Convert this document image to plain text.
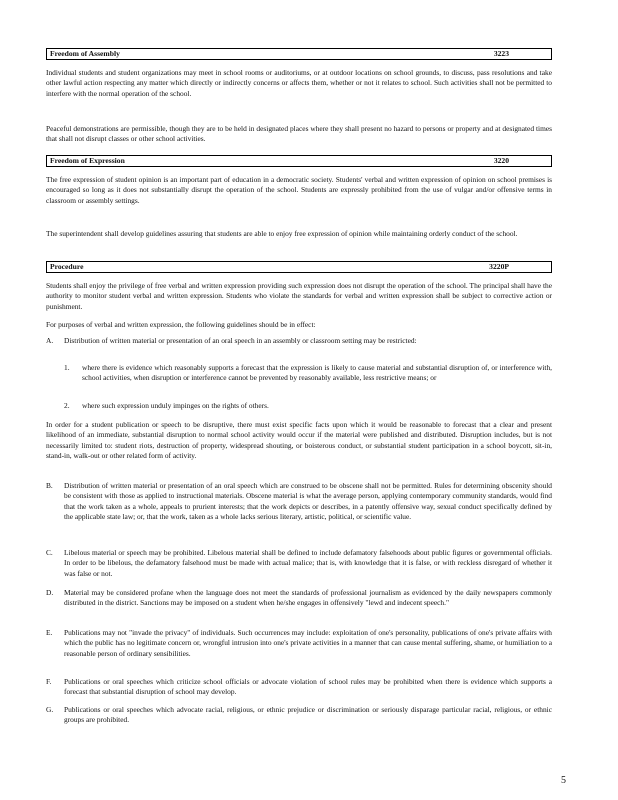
Freedom of Assembly	3223

Individual students and student organizations may meet in school rooms or auditoriums, or at outdoor locations on school grounds, to discuss, pass resolutions and take other lawful action respecting any matter which directly or indirectly concerns or affects them, whether or not it relates to school. Such activities shall not be permitted to interfere with the normal operation of the school.

Peaceful demonstrations are permissible, though they are to be held in designated places where they shall present no hazard to persons or property and at designated times that shall not disrupt classes or other school activities.

Freedom of Expression	3220

The free expression of student opinion is an important part of education in a democratic society. Students' verbal and written expression of opinion on school premises is encouraged so long as it does not substantially disrupt the operation of the school. Students are expressly prohibited from the use of vulgar and/or offensive terms in classroom or assembly settings.

The superintendent shall develop guidelines assuring that students are able to enjoy free expression of opinion while maintaining orderly conduct of the school.

Procedure	3220P

Students shall enjoy the privilege of free verbal and written expression providing such expression does not disrupt the operation of the school. The principal shall have the authority to monitor student verbal and written expression. Students who violate the standards for verbal and written expression shall be subject to corrective action or punishment.

For purposes of verbal and written expression, the following guidelines should be in effect:

A. Distribution of written material or presentation of an oral speech in an assembly or classroom setting may be restricted:
1. where there is evidence which reasonably supports a forecast that the expression is likely to cause material and substantial disruption of, or interference with, school activities, when disruption or interference cannot be prevented by reasonably available, less restrictive means; or
2. where such expression unduly impinges on the rights of others.

In order for a student publication or speech to be disruptive, there must exist specific facts upon which it would be reasonable to forecast that a clear and present likelihood of an immediate, substantial disruption to normal school activity would occur if the material were published and distributed. Disruption includes, but is not necessarily limited to: student riots, destruction of property, widespread shouting, or boisterous conduct, or substantial student participation in a school boycott, sit-in, stand-in, walk-out or other related form of activity.

B. Distribution of written material or presentation of an oral speech which are construed to be obscene shall not be permitted. Rules for determining obscenity should be consistent with those as applied to instructional materials. Obscene material is what the average person, applying contemporary community standards, would find that the work taken as a whole, appeals to prurient interests; that the work depicts or describes, in a patently offensive way, sexual conduct specifically defined by the applicable state law; or, that the work, taken as a whole lacks serious literary, artistic, political, or scientific value.
C. Libelous material or speech may be prohibited. Libelous material shall be defined to include defamatory falsehoods about public figures or governmental officials. In order to be libelous, the defamatory falsehood must be made with actual malice; that is, with knowledge that it is false, or with reckless disregard of whether it was false or not.
D. Material may be considered profane when the language does not meet the standards of professional journalism as evidenced by the daily newspapers commonly distributed in the district. Sanctions may be imposed on a student when he/she engages in offensively "lewd and indecent speech."
E. Publications may not "invade the privacy" of individuals. Such occurrences may include: exploitation of one's personality, publications of one's private affairs with which the public has no legitimate concern or, wrongful intrusion into one's private activities in a manner that can cause mental suffering, shame, or humiliation to a reasonable person of ordinary sensibilities.
F. Publications or oral speeches which criticize school officials or advocate violation of school rules may be prohibited when there is evidence which supports a forecast that substantial disruption of school may develop.
G. Publications or oral speeches which advocate racial, religious, or ethnic prejudice or discrimination or seriously disparage particular racial, religious, or ethnic groups are prohibited.
5
